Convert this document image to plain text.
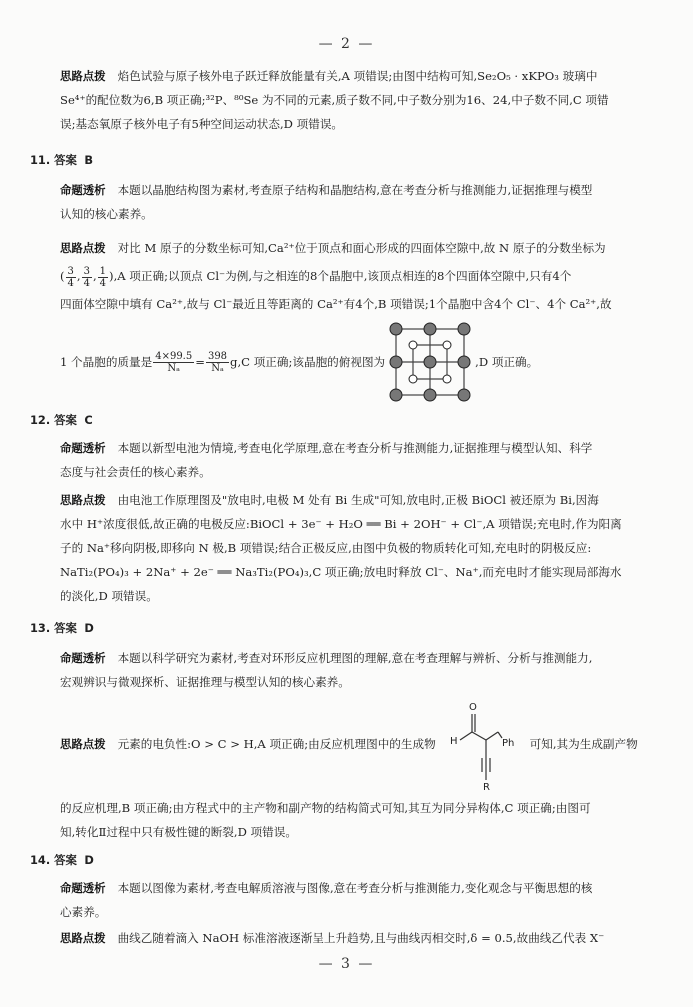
— 2 —
思路点拨 焰色试验与原子核外电子跃迁释放能量有关,A 项错误;由图中结构可知,Se₂O₅ · xKPO₃ 玻璃中
Se⁴⁺的配位数为6,B 项正确;³²P、⁸⁰Se 为不同的元素,质子数不同,中子数分别为16、24,中子数不同,C 项错
误;基态氧原子核外电子有5种空间运动状态,D 项错误。
11. 答案 B
命题透析 本题以晶胞结构图为素材,考查原子结构和晶胞结构,意在考查分析与推测能力,证据推理与模型
认知的核心素养。
思路点拨 对比 M 原子的分数坐标可知,Ca²⁺位于顶点和面心形成的四面体空隙中,故 N 原子的分数坐标为
( $\frac{3}{4}$ , $\frac{3}{4}$ , $\frac{1}{4} ),A$ 项正确;以顶点 Cl⁻为例,与之相连的8个晶胞中,该顶点相连的8个四面体空隙中,只有4个
四面体空隙中填有 Ca²⁺,故与 Cl⁻最近且等距离的 Ca²⁺有4个,B 项错误;1个晶胞中含4个 Cl⁻、4个 Ca²⁺,故
1 个晶胞的质量是 $\frac{4\times 99.5}{\text{Nₐ}} = \frac{398}{\text{Nₐ}} g,C$ 项正确;该晶胞的俯视图为	,D 项正确。
12. 答案 C
命题透析 本题以新型电池为情境,考查电化学原理,意在考查分析与推测能力,证据推理与模型认知、科学
态度与社会责任的核心素养。
思路点拨 由电池工作原理图及"放电时,电极 M 处有 Bi 生成"可知,放电时,正极 BiOCl 被还原为 Bi,因海
水中 H⁺浓度很低,故正确的电极反应:BiOCl + 3e⁻ + H₂O ══ Bi + 2OH⁻ + Cl⁻,A 项错误;充电时,作为阳离
子的 Na⁺移向阴极,即移向 N 极,B 项错误;结合正极反应,由图中负极的物质转化可知,充电时的阴极反应:
NaTi₂(PO₄)₃ + 2Na⁺ + 2e⁻ ══ Na₃Ti₂(PO₄)₃,C 项正确;放电时释放 Cl⁻、Na⁺,而充电时才能实现局部海水
的淡化,D 项错误。
13. 答案 D
命题透析 本题以科学研究为素材,考查对环形反应机理图的理解,意在考查理解与辨析、分析与推测能力,
宏观辨识与微观探析、证据推理与模型认知的核心素养。
思路点拨 元素的电负性:O > C > H,A 项正确;由反应机理图中的生成物 H
O
Ph
R
可知,其为生成副产物
的反应机理,B 项正确;由方程式中的主产物和副产物的结构简式可知,其互为同分异构体,C 项正确;由图可
知,转化Ⅱ过程中只有极性键的断裂,D 项错误。
14. 答案 D
命题透析 本题以图像为素材,考查电解质溶液与图像,意在考查分析与推测能力,变化观念与平衡思想的核
心素养。
思路点拨 曲线乙随着滴入 NaOH 标准溶液逐渐呈上升趋势,且与曲线丙相交时,δ = 0.5,故曲线乙代表 X⁻
— 3 —
